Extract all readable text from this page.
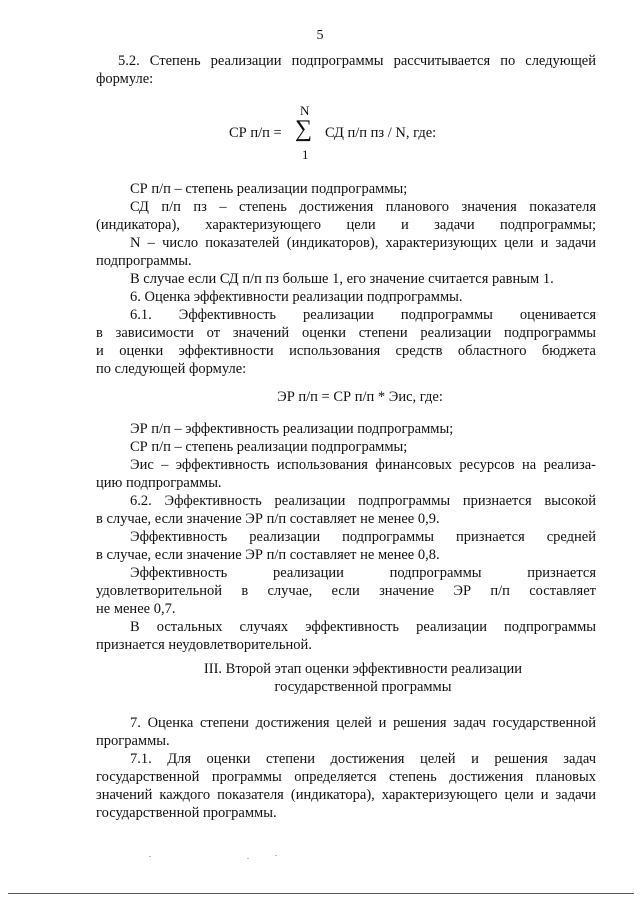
5
5.2. Степень реализации подпрограммы рассчитывается по следующей
формуле:
СР п/п =
N
∑
1
СД п/п пз / N, где:
СР п/п – степень реализации подпрограммы;
СД п/п пз – степень достижения планового значения показателя
(индикатора), характеризующего цели и задачи подпрограммы;
N – число показателей (индикаторов), характеризующих цели и задачи
подпрограммы.
В случае если СД п/п пз больше 1, его значение считается равным 1.
6. Оценка эффективности реализации подпрограммы.
6.1. Эффективность реализации подпрограммы оценивается
в зависимости от значений оценки степени реализации подпрограммы
и оценки эффективности использования средств областного бюджета
по следующей формуле:
ЭР п/п = СР п/п * Эис, где:
ЭР п/п – эффективность реализации подпрограммы;
СР п/п – степень реализации подпрограммы;
Эис – эффективность использования финансовых ресурсов на реализа-
цию подпрограммы.
6.2. Эффективность реализации подпрограммы признается высокой
в случае, если значение ЭР п/п составляет не менее 0,9.
Эффективность реализации подпрограммы признается средней
в случае, если значение ЭР п/п составляет не менее 0,8.
Эффективность реализации подпрограммы признается
удовлетворительной в случае, если значение ЭР п/п составляет
не менее 0,7.
В остальных случаях эффективность реализации подпрограммы
признается неудовлетворительной.
III. Второй этап оценки эффективности реализации
государственной программы
7. Оценка степени достижения целей и решения задач государственной
программы.
7.1. Для оценки степени достижения целей и решения задач
государственной программы определяется степень достижения плановых
значений каждого показателя (индикатора), характеризующего цели и задачи
государственной программы.
